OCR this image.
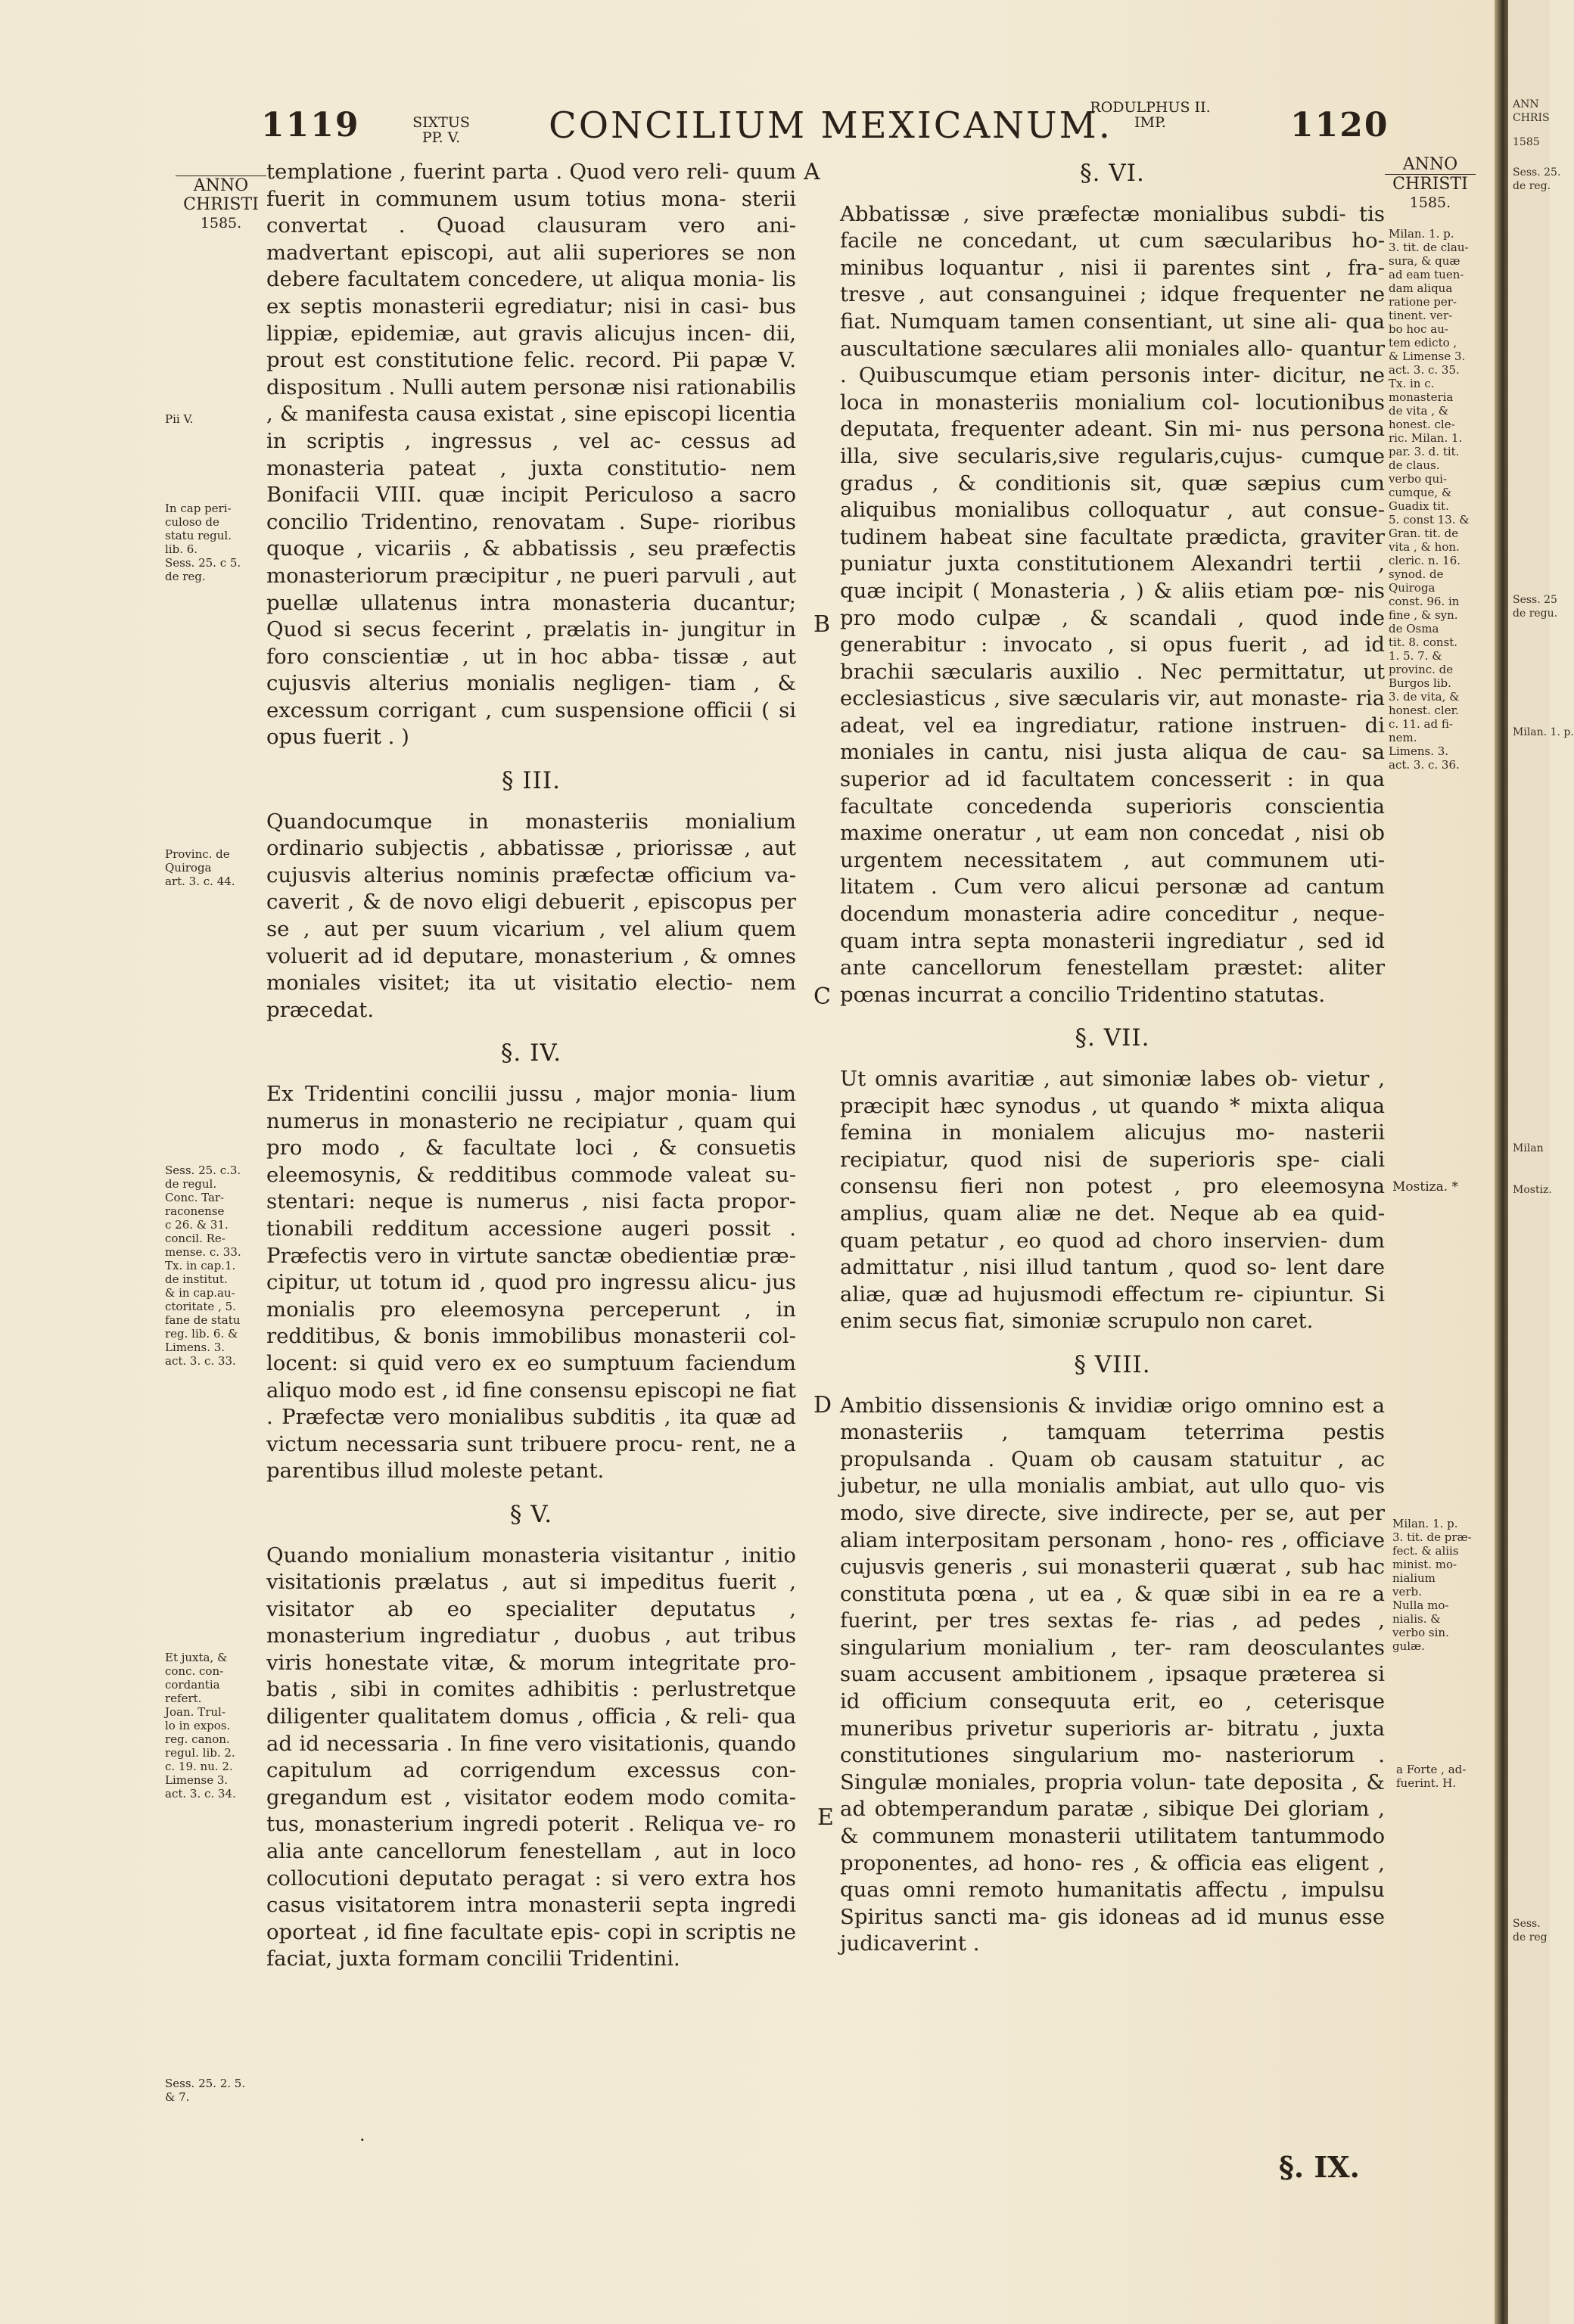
1119	SIXTUS
PP. V.	CONCILIUM MEXICANUM.
RODULPHUS II.
IMP.	1120
ANNO
CHRISTI
1585.
ANNO
CHRISTI
1585.
A
B
C
D
E

templatione , fuerint parta . Quod vero reli- quum fuerit in communem usum totius mona- sterii convertat . Quoad clausuram vero ani- madvertant episcopi, aut alii superiores se non debere facultatem concedere, ut aliqua monia- lis ex septis monasterii egrediatur; nisi in casi- bus lippiæ, epidemiæ, aut gravis alicujus incen- dii, prout est constitutione felic. record. Pii papæ V. dispositum . Nulli autem personæ nisi rationabilis , & manifesta causa existat , sine episcopi licentia in scriptis , ingressus , vel ac- cessus ad monasteria pateat , juxta constitutio- nem Bonifacii VIII. quæ incipit Periculoso a sacro concilio Tridentino, renovatam . Supe- rioribus quoque , vicariis , & abbatissis , seu præfectis monasteriorum præcipitur , ne pueri parvuli , aut puellæ ullatenus intra monasteria ducantur; Quod si secus fecerint , prælatis in- jungitur in foro conscientiæ , ut in hoc abba- tissæ , aut cujusvis alterius monialis negligen- tiam , & excessum corrigant , cum suspensione officii ( si opus fuerit . )

§ III.

Quandocumque in monasteriis monialium ordinario subjectis , abbatissæ , priorissæ , aut cujusvis alterius nominis præfectæ officium va- caverit , & de novo eligi debuerit , episcopus per se , aut per suum vicarium , vel alium quem voluerit ad id deputare, monasterium , & omnes moniales visitet; ita ut visitatio electio- nem præcedat.

§. IV.

Ex Tridentini concilii jussu , major monia- lium numerus in monasterio ne recipiatur , quam qui pro modo , & facultate loci , & consuetis eleemosynis, & redditibus commode valeat su- stentari: neque is numerus , nisi facta propor- tionabili redditum accessione augeri possit . Præfectis vero in virtute sanctæ obedientiæ præ- cipitur, ut totum id , quod pro ingressu alicu- jus monialis pro eleemosyna perceperunt , in redditibus, & bonis immobilibus monasterii col- locent: si quid vero ex eo sumptuum faciendum aliquo modo est , id fine consensu episcopi ne fiat . Præfectæ vero monialibus subditis , ita quæ ad victum necessaria sunt tribuere procu- rent, ne a parentibus illud moleste petant.

§ V.

Quando monialium monasteria visitantur , initio visitationis prælatus , aut si impeditus fuerit , visitator ab eo specialiter deputatus , monasterium ingrediatur , duobus , aut tribus viris honestate vitæ, & morum integritate pro- batis , sibi in comites adhibitis : perlustretque diligenter qualitatem domus , officia , & reli- qua ad id necessaria . In fine vero visitationis, quando capitulum ad corrigendum excessus con- gregandum est , visitator eodem modo comita- tus, monasterium ingredi poterit . Reliqua ve- ro alia ante cancellorum fenestellam , aut in loco collocutioni deputato peragat : si vero extra hos casus visitatorem intra monasterii septa ingredi oporteat , id fine facultate epis- copi in scriptis ne faciat, juxta formam concilii Tridentini.

§. VI.

Abbatissæ , sive præfectæ monialibus subdi- tis facile ne concedant, ut cum sæcularibus ho- minibus loquantur , nisi ii parentes sint , fra- tresve , aut consanguinei ; idque frequenter ne fiat. Numquam tamen consentiant, ut sine ali- qua auscultatione sæculares alii moniales allo- quantur . Quibuscumque etiam personis inter- dicitur, ne loca in monasteriis monialium col- locutionibus deputata, frequenter adeant. Sin mi- nus persona illa, sive secularis,sive regularis,cujus- cumque gradus , & conditionis sit, quæ sæpius cum aliquibus monialibus colloquatur , aut consue- tudinem habeat sine facultate prædicta, graviter puniatur juxta constitutionem Alexandri tertii , quæ incipit ( Monasteria , ) & aliis etiam pœ- nis pro modo culpæ , & scandali , quod inde generabitur : invocato , si opus fuerit , ad id brachii sæcularis auxilio . Nec permittatur, ut ecclesiasticus , sive sæcularis vir, aut monaste- ria adeat, vel ea ingrediatur, ratione instruen- di moniales in cantu, nisi justa aliqua de cau- sa superior ad id facultatem concesserit : in qua facultate concedenda superioris conscientia maxime oneratur , ut eam non concedat , nisi ob urgentem necessitatem , aut communem uti- litatem . Cum vero alicui personæ ad cantum docendum monasteria adire conceditur , neque- quam intra septa monasterii ingrediatur , sed id ante cancellorum fenestellam præstet: aliter pœnas incurrat a concilio Tridentino statutas.

§. VII.

Ut omnis avaritiæ , aut simoniæ labes ob- vietur , præcipit hæc synodus , ut quando * mixta aliqua femina in monialem alicujus mo- nasterii recipiatur, quod nisi de superioris spe- ciali consensu fieri non potest , pro eleemosyna amplius, quam aliæ ne det. Neque ab ea quid- quam petatur , eo quod ad choro inservien- dum admittatur , nisi illud tantum , quod so- lent dare aliæ, quæ ad hujusmodi effectum re- cipiuntur. Si enim secus fiat, simoniæ scrupulo non caret.

§ VIII.

Ambitio dissensionis & invidiæ origo omnino est a monasteriis , tamquam teterrima pestis propulsanda . Quam ob causam statuitur , ac jubetur, ne ulla monialis ambiat, aut ullo quo- vis modo, sive directe, sive indirecte, per se, aut per aliam interpositam personam , hono- res , officiave cujusvis generis , sui monasterii quærat , sub hac constituta pœna , ut ea , & quæ sibi in ea re a fuerint, per tres sextas fe- rias , ad pedes , singularium monialium , ter- ram deosculantes suam accusent ambitionem , ipsaque præterea si id officium consequuta erit, eo , ceterisque muneribus privetur superioris ar- bitratu , juxta constitutiones singularium mo- nasteriorum . Singulæ moniales, propria volun- tate deposita , & ad obtemperandum paratæ , sibique Dei gloriam , & communem monasterii utilitatem tantummodo proponentes, ad hono- res , & officia eas eligent , quas omni remoto humanitatis affectu , impulsu Spiritus sancti ma- gis idoneas ad id munus esse judicaverint .

Pii V.
In cap peri-
culoso de
statu regul.
lib. 6.
Sess. 25. c 5.
de reg.
Provinc. de
Quiroga
art. 3. c. 44.
Sess. 25. c.3.
de regul.
Conc. Tar-
raconense
c 26. & 31.
concil. Re-
mense. c. 33.
Tx. in cap.1.
de institut.
& in cap.au-
ctoritate , 5.
fane de statu
reg. lib. 6. &
Limens. 3.
act. 3. c. 33.
Et juxta, &
conc. con-
cordantia
refert.
Joan. Trul-
lo in expos.
reg. canon.
regul. lib. 2.
c. 19. nu. 2.
Limense 3.
act. 3. c. 34.
Sess. 25. 2. 5.
& 7.
Milan. 1. p.
3. tit. de clau-
sura, & quæ
ad eam tuen-
dam aliqua
ratione per-
tinent. ver-
bo hoc au-
tem edicto ,
& Limense 3.
act. 3. c. 35.
Tx. in c.
monasteria
de vita , &
honest. cle-
ric. Milan. 1.
par. 3. d. tit.
de claus.
verbo qui-
cumque, &
Guadix tit.
5. const 13. &
Gran. tit. de
vita , & hon.
cleric. n. 16.
synod. de
Quiroga
const. 96. in
fine , & syn.
de Osma
tit. 8. const.
1. 5. 7. &
provinc. de
Burgos lib.
3. de vita, &
honest. cler.
c. 11. ad fi-
nem.
Limens. 3.
act. 3. c. 36.
Mostiza. *
Milan. 1. p.
3. tit. de præ-
fect. & aliis
minist. mo-
nialium
verb.
Nulla mo-
nialis. &
verbo sin.
gulæ.
a Forte , ad-
fuerint. H.
·
§. IX.
ANN
CHRIS
1585
Sess. 25.
de reg.
Milan. 1. p.
Sess. 25
de regu.
Mostiz.
Milan
Sess.
de reg
